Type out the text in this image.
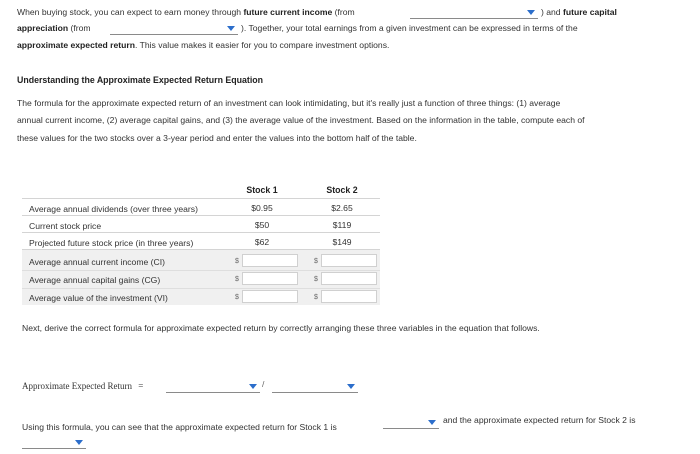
When buying stock, you can expect to earn money through future current income (from	) and future capital
appreciation (from	). Together, your total earnings from a given investment can be expressed in terms of the
approximate expected return. This value makes it easier for you to compare investment options.
Understanding the Approximate Expected Return Equation
The formula for the approximate expected return of an investment can look intimidating, but it's really just a function of three things: (1) average
annual current income, (2) average capital gains, and (3) the average value of the investment. Based on the information in the table, compute each of
these values for the two stocks over a 3-year period and enter the values into the bottom half of the table.
Stock 1	Stock 2
Average annual dividends (over three years)	$0.95	$2.65
Current stock price	$50	$119
Projected future stock price (in three years)	$62	$149
Average annual current income (CI)	$	$
Average annual capital gains (CG)	$	$
Average value of the investment (VI)	$	$
Next, derive the correct formula for approximate expected return by correctly arranging these three variables in the equation that follows.
Approximate Expected Return =	/
Using this formula, you can see that the approximate expected return for Stock 1 is
and the approximate expected return for Stock 2 is
